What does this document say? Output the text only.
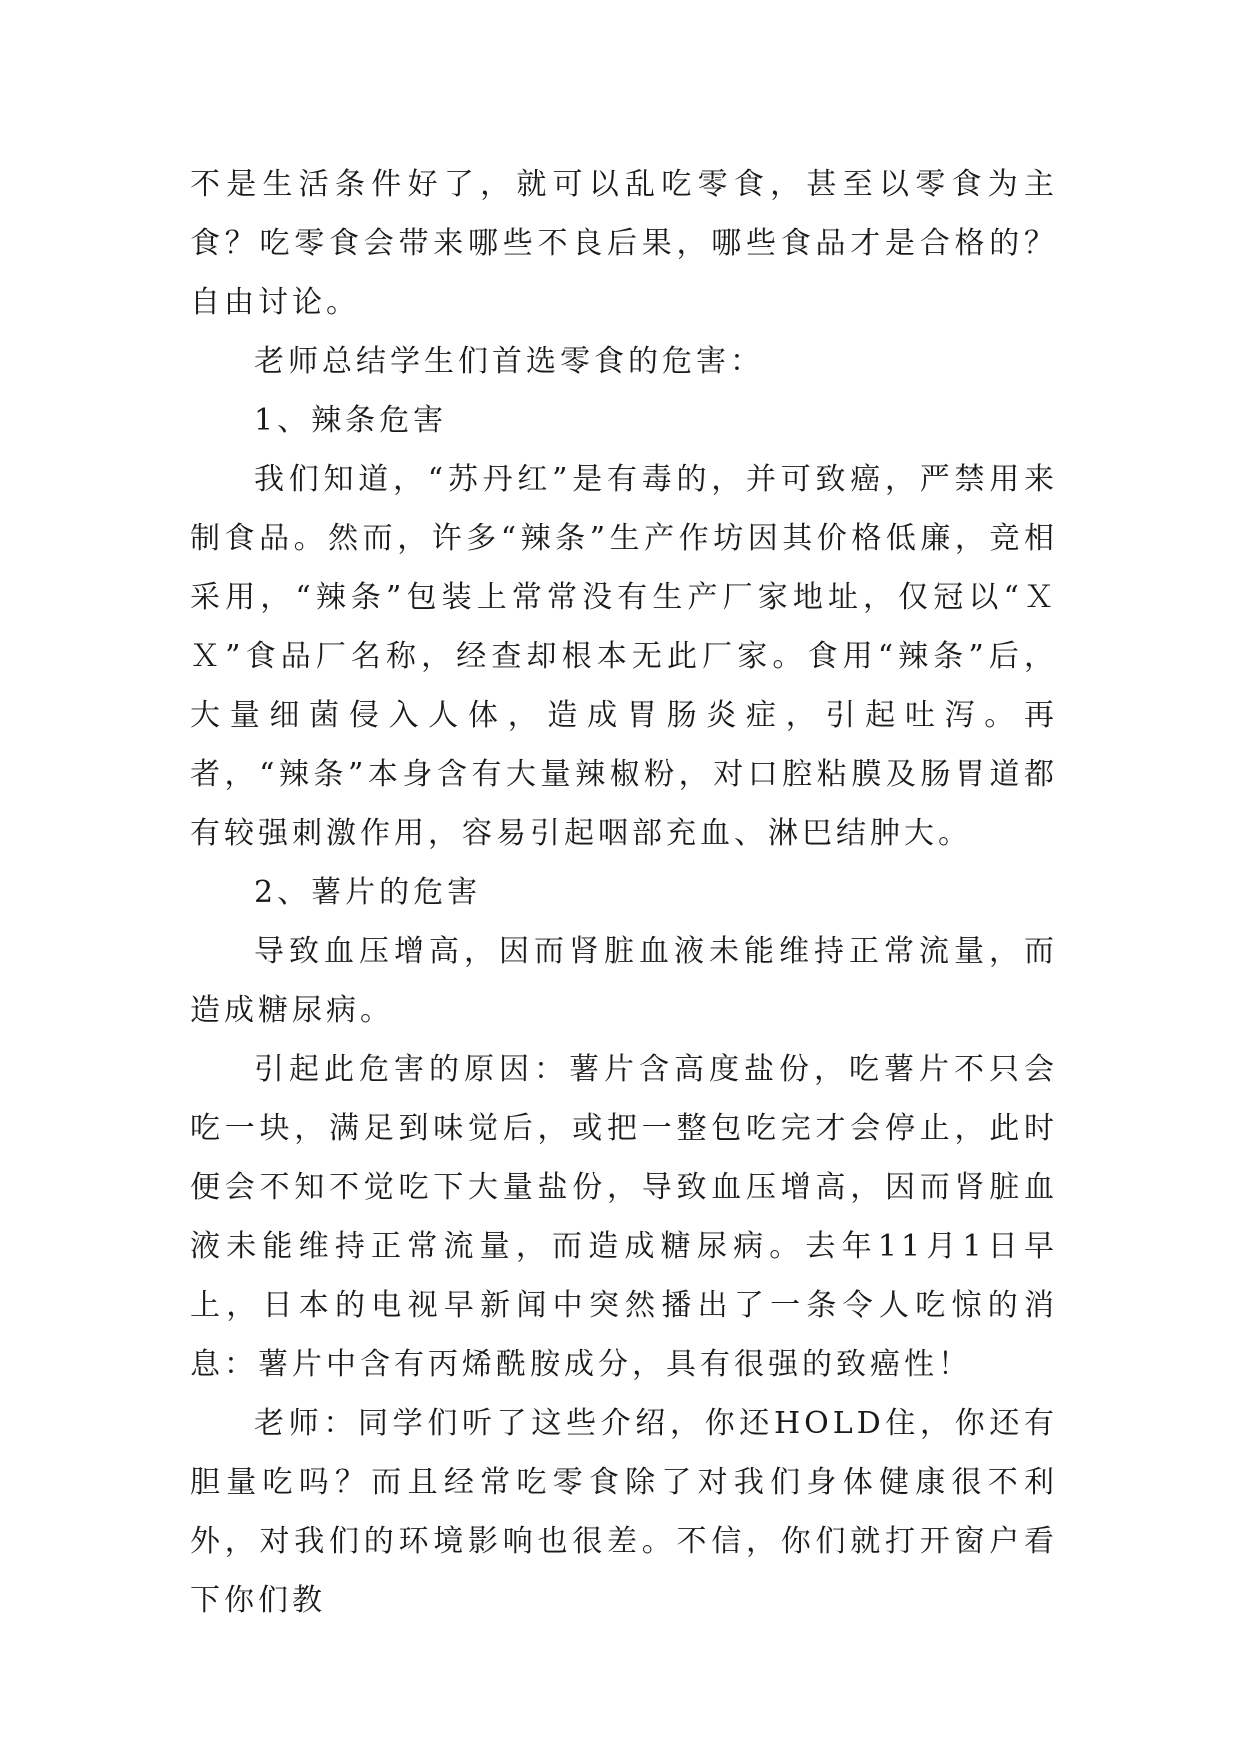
不是生活条件好了，就可以乱吃零食，甚至以零食为主食？吃零食会带来哪些不良后果，哪些食品才是合格的？自由讨论。

老师总结学生们首选零食的危害：

1、辣条危害

我们知道，“苏丹红”是有毒的，并可致癌，严禁用来制食品。然而，许多“辣条”生产作坊因其价格低廉，竞相采用，“辣条”包装上常常没有生产厂家地址，仅冠以“ＸＸ”食品厂名称，经查却根本无此厂家。食用“辣条”后，大量细菌侵入人体，造成胃肠炎症，引起吐泻。再者，“辣条”本身含有大量辣椒粉，对口腔粘膜及肠胃道都有较强刺激作用，容易引起咽部充血、淋巴结肿大。

2、薯片的危害

导致血压增高，因而肾脏血液未能维持正常流量，而造成糖尿病。

引起此危害的原因：薯片含高度盐份，吃薯片不只会吃一块，满足到味觉后，或把一整包吃完才会停止，此时便会不知不觉吃下大量盐份，导致血压增高，因而肾脏血液未能维持正常流量，而造成糖尿病。去年11月1日早上，日本的电视早新闻中突然播出了一条令人吃惊的消息：薯片中含有丙烯酰胺成分，具有很强的致癌性！

老师：同学们听了这些介绍，你还HOLD住，你还有胆量吃吗？而且经常吃零食除了对我们身体健康很不利外，对我们的环境影响也很差。不信，你们就打开窗户看下你们教
